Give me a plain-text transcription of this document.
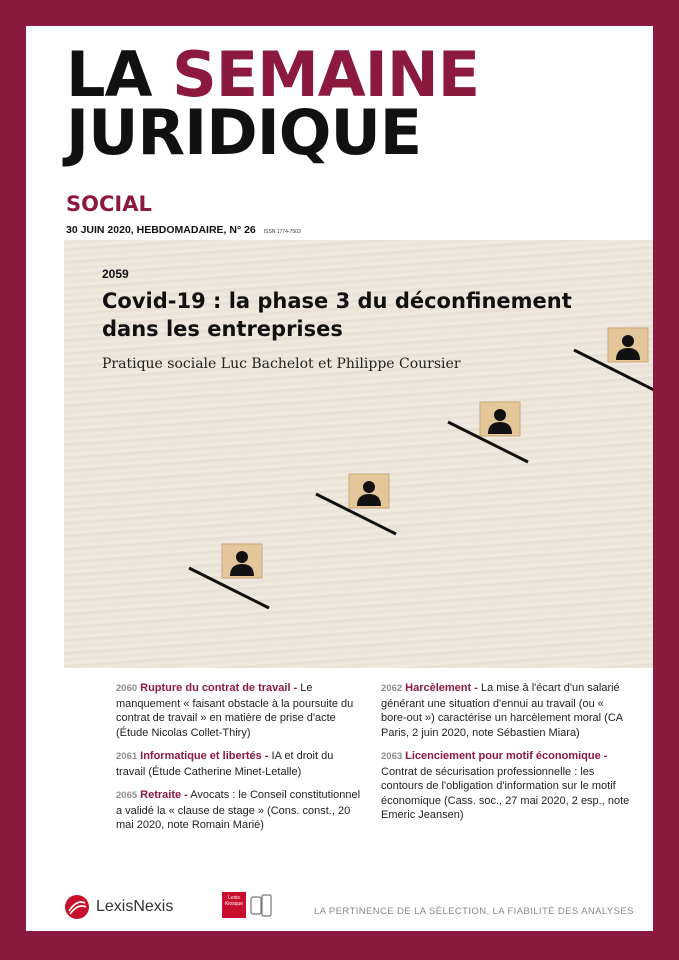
LA SEMAINE
JURIDIQUE
SOCIAL
30 JUIN 2020, HEBDOMADAIRE, N° 26 ISSN 1774-7503
2059
Covid-19 : la phase 3 du déconfinement dans les entreprises
Pratique sociale Luc Bachelot et Philippe Coursier
2060 Rupture du contrat de travail - Le manquement « faisant obstacle à la poursuite du contrat de travail » en matière de prise d'acte (Étude Nicolas Collet-Thiry)
2061 Informatique et libertés - IA et droit du travail (Étude Catherine Minet-Letalle)
2065 Retraite - Avocats : le Conseil constitutionnel a validé la « clause de stage » (Cons. const., 20 mai 2020, note Romain Marié)
2062 Harcèlement - La mise à l'écart d'un salarié générant une situation d'ennui au travail (ou « bore-out ») caractérise un harcèlement moral (CA Paris, 2 juin 2020, note Sébastien Miara)
2063 Licenciement pour motif économique - Contrat de sécurisation professionnelle : les contours de l'obligation d'information sur le motif économique (Cass. soc., 27 mai 2020, 2 esp., note Emeric Jeansen)
LexisNexis	Lexis Kiosque
LA PERTINENCE DE LA SÉLECTION, LA FIABILITÉ DES ANALYSES
